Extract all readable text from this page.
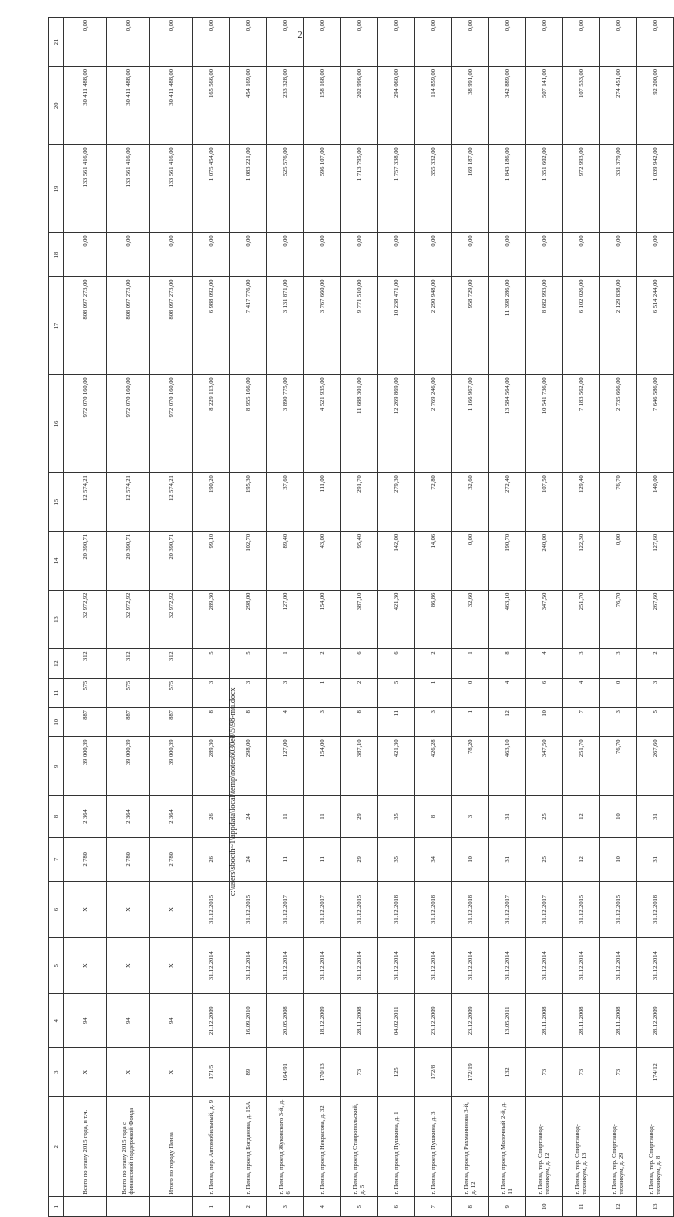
2
1	2	3	4	5	6	7	8	9	10	11	12	13	14	15	16	17	18	19	20	21
	Всего по этапу 2015 года, в т.ч.	X	94	X	X	2 780	2 364	39 000,39	887	575	312	32 972,92	20 390,71	12 574,21	972 070 160,00	808 097 273,00	0,00	133 561 416,00	30 411 488,00	0,00
	Всего по этапу 2015 года с финансовой поддержкой Фонда	X	94	X	X	2 780	2 364	39 000,39	887	575	312	32 972,92	20 390,71	12 574,21	972 070 160,00	808 097 273,00	0,00	133 561 416,00	30 411 488,00	0,00
	Итого по городу Пенза	X	94	X	X	2 780	2 364	39 000,39	887	575	312	32 972,92	20 390,71	12 574,21	972 070 160,00	808 097 273,00	0,00	133 561 416,00	30 411 488,00	0,00
1	г. Пенза, пер. Автомобильный, д. 9	171/5	21.12.2009	31.12.2014	31.12.2015	26	26	289,30	8	3	5	289,30	99,10	190,20	8 229 113,00	6 988 092,00	0,00	1 075 454,00	165 566,00	0,00
2	г. Пенза, проезд Богданова, д. 15А	89	16.09.2010	31.12.2014	31.12.2015	24	24	298,00	8	3	5	298,00	102,70	195,30	8 955 166,00	7 417 776,00	0,00	1 083 221,00	454 169,00	0,00
3	г. Пенза, проезд Жуковского 3-й, д. 6	164/91	20.05.2008	31.12.2014	31.12.2017	11	11	127,00	4	3	1	127,00	89,40	37,60	3 890 775,00	3 131 871,00	0,00	525 576,00	233 328,00	0,00
4	г. Пенза, проезд Некрасова, д. 32	170/13	18.12.2009	31.12.2014	31.12.2017	11	11	154,00	3	1	2	154,00	43,00	111,00	4 521 935,00	3 767 660,00	0,00	596 107,00	158 168,00	0,00
5	г. Пенза, проезд Ставропольский, д. 5	73	28.11.2008	31.12.2014	31.12.2015	29	29	387,10	8	2	6	387,10	95,40	291,70	11 688 301,00	9 771 510,00	0,00	1 713 795,00	202 996,00	0,00
6	г. Пенза, проезд Пушкина, д. 1	125	04.02.2011	31.12.2014	31.12.2018	35	35	421,30	11	5	6	421,30	142,00	279,30	12 269 869,00	10 238 471,00	0,00	1 757 338,00	294 060,00	0,00
7	г. Пенза, проезд Пушкина, д. 3	172/8	23.12.2009	31.12.2014	31.12.2018	34	8	426,28	3	1	2	86,86	14,06	72,80	2 769 246,00	2 290 948,00	0,00	355 332,00	114 859,00	0,00
8	г. Пенза, проезд Рахманинова 3-й, д. 12	172/19	23.12.2009	31.12.2014	31.12.2018	10	3	78,20	1	0	1	32,60	0,00	32,60	1 166 967,00	958 729,00	0,00	169 187,00	38 991,00	0,00
9	г. Пенза, проезд Молочный 2-й, д. 11	132	13.05.2011	31.12.2014	31.12.2017	31	31	463,10	12	4	8	463,10	190,70	272,40	13 584 564,00	11 398 286,00	0,00	1 843 186,00	342 889,00	0,00
10	г. Пенза, тер. Спиртзавод-техникум, д. 12	73	28.11.2008	31.12.2014	31.12.2017	25	25	347,50	10	6	4	347,50	240,00	107,50	10 541 736,00	8 682 993,00	0,00	1 351 602,00	507 141,00	0,00
11	г. Пенза, тер. Спиртзавод-техникум, д. 13	73	28.11.2008	31.12.2014	31.12.2015	12	12	251,70	7	4	3	251,70	122,30	129,40	7 183 562,00	6 102 026,00	0,00	972 993,00	107 533,00	0,00
12	г. Пенза, тер. Спиртзавод-техникум, д. 29	73	28.11.2008	31.12.2014	31.12.2015	10	10	76,70	3	0	3	76,70	0,00	76,70	2 735 666,00	2 129 838,00	0,00	331 379,00	274 451,00	0,00
13	г. Пенза, тер. Спиртзавод-техникум, д. 8	174/12	28.12.2009	31.12.2014	31.12.2018	31	31	267,60	5	3	2	267,60	127,60	140,00	7 646 586,00	6 514 244,00	0,00	1 039 942,00	92 200,00	0,00
c:\users\sbocth~1\appdata\local\temp\notes6030e8\5\98-mu.docx
